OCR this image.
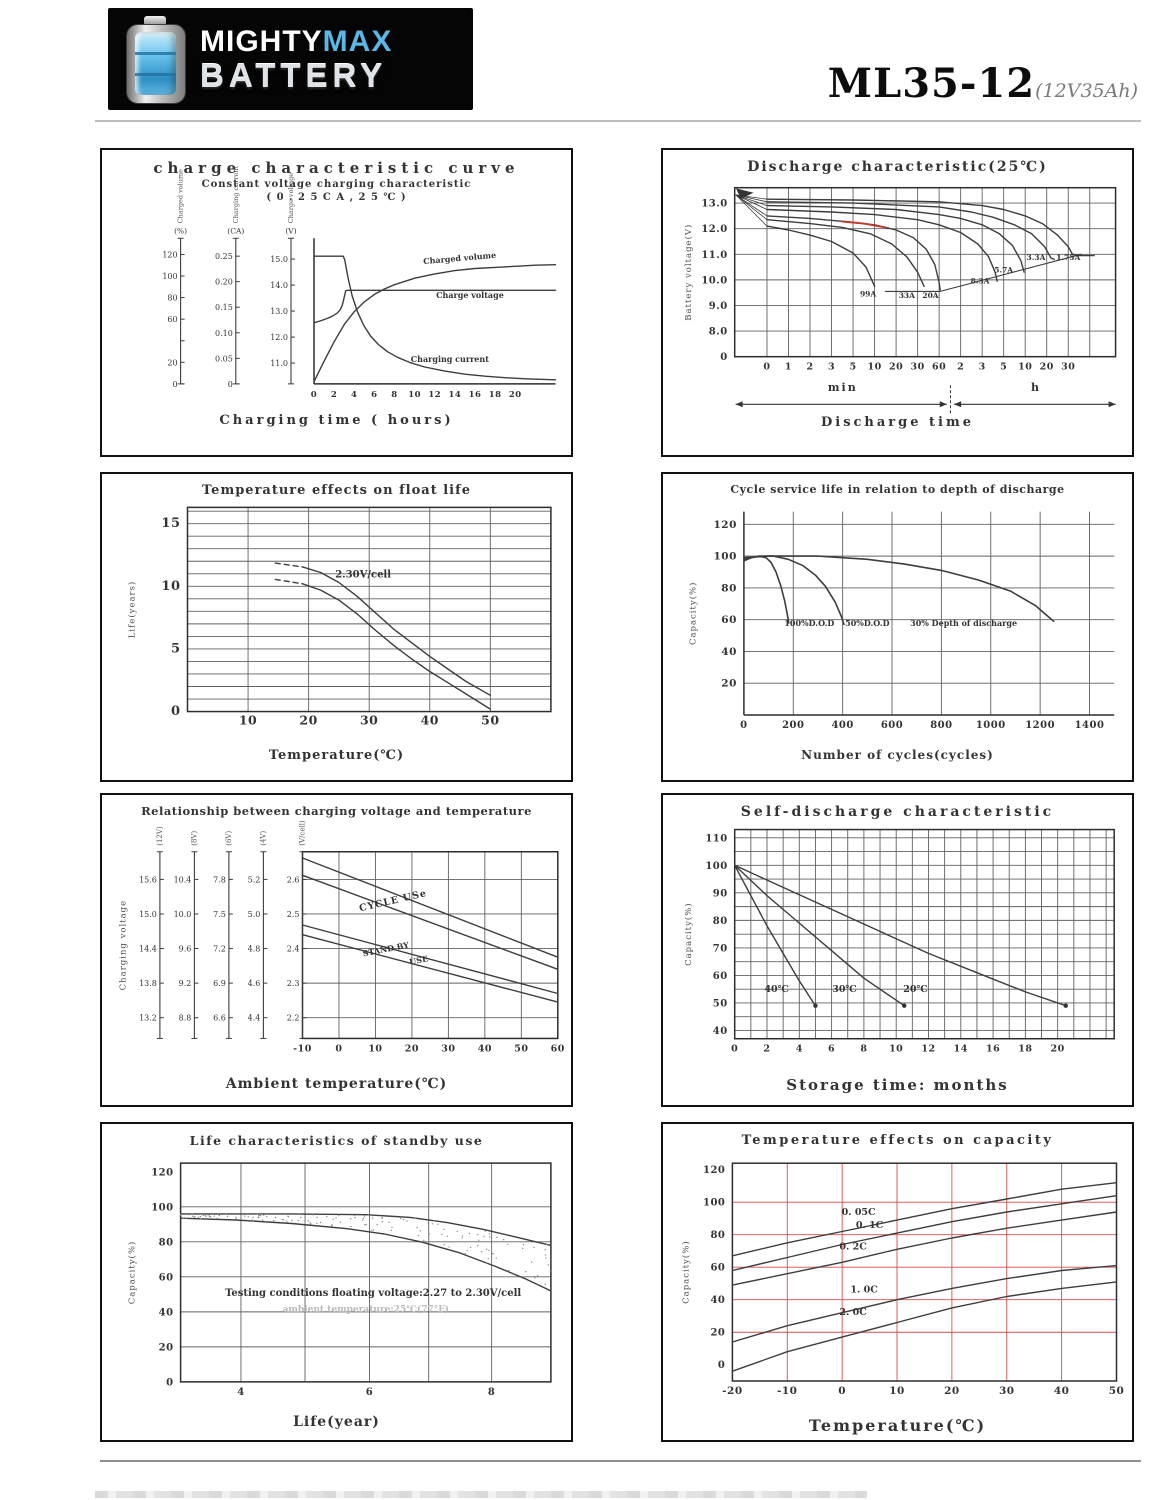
MIGHTYMAX
BATTERY	ML35-12(12V35Ah)
charge characteristic curve
Constant voltage charging characteristic
( 0 . 2 5 C A , 2 5 ℃ )
0
20
60
80
100
120
(%)
Charged volume
0
0.05
0.10
0.15
0.20
0.25
(CA)
Charging current
11.0
12.0
13.0
14.0
15.0
(V)
Charge voltage
0 2 4 6 8 10 12 14 16 18 20
Charged volume
Charge voltage
Charging current
Charging time ( hours)
Discharge characteristic(25℃)
0 1 2 3 5 10 20 30 60 2 3 5 10 20 30
13.0
12.0
11.0
10.0
9.0
8.0
0
Battery voltage(V)	99A	33A 20A
8.3A
5.7A
3.3A 1.75A
min	h
Discharge time
Temperature effects on float life
10	20	30	40	50
15
10
5
0
Life(years)
2.30V/cell
Temperature(℃)
Cycle service life in relation to depth of discharge
0	200	400	600	800 1000 1200 1400
20
40
60
80
100
120
Capacity(%)	100%D.O.D 50%D.O.D	30% Depth of discharge
Number of cycles(cycles)
Relationship between charging voltage and temperature
15.6
15.0
14.4
13.8
13.2
(12V)
10.4
10.0
9.6
9.2
8.8
(8V)
7.8
7.5
7.2
6.9
6.6
(6V)
5.2
5.0
4.8
4.6
4.4
(4V)
2.6
2.5
2.4
2.3
2.2
(V/cell)
-10 0	10 20 30 40 50 60
Charging voltage	CYCLE USe
STAND BY
USE
Ambient temperature(℃)
Self-discharge characteristic
0	2	4	6	8 10 12 14 16 18 20
110
100
90
80
70
60
50
40
Capacity(%)
40℃	30℃	20℃
Storage time: months
Life characteristics of standby use
4	6	8
0
20
40
60
80
100
120
Capacity(%)	Testing conditions floating voltage:2.27 to 2.30V/cell
ambient temperature:25℃(77°F)
Life(year)
Temperature effects on capacity
-20	-10	0	10	20	30	40	50
0
20
40
60
80
100
120
Capacity(%)
0. 05C
0. 1C
0. 2C
1. 0C
2. 0C
Temperature(℃)
